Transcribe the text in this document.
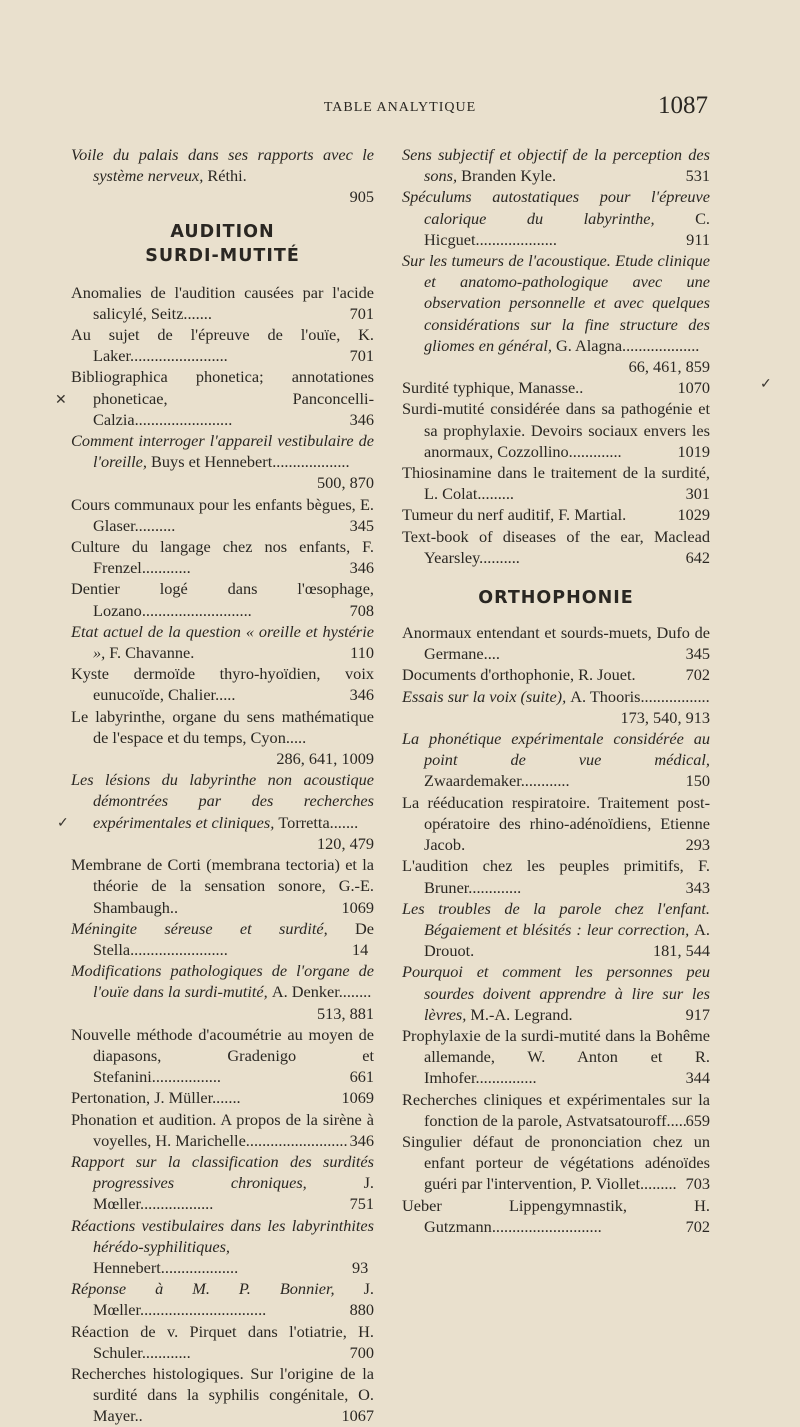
TABLE ANALYTIQUE	1087
Voile du palais dans ses rapports avec le système nerveux, Réthi.
905
AUDITION
SURDI-MUTITÉ
Anomalies de l'audition causées par l'acide salicylé, Seitz.......	701
Au sujet de l'épreuve de l'ouïe, K. Laker........................	701
Bibliographica phonetica; annotationes phoneticae, Panconcelli-Calzia........................	346
Comment interroger l'appareil vestibulaire de l'oreille, Buys et Hennebert...................
500, 870
Cours communaux pour les enfants bègues, E. Glaser..........	345
Culture du langage chez nos enfants, F. Frenzel............	346
Dentier logé dans l'œsophage, Lozano...........................	708
Etat actuel de la question « oreille et hystérie », F. Chavanne.	110
Kyste dermoïde thyro-hyoïdien, voix eunucoïde, Chalier.....	346
Le labyrinthe, organe du sens mathématique de l'espace et du temps, Cyon.....
286, 641, 1009
Les lésions du labyrinthe non acoustique démontrées par des recherches expérimentales et cliniques, Torretta.......
120, 479
Membrane de Corti (membrana tectoria) et la théorie de la sensation sonore, G.-E. Shambaugh..	1069
Méningite séreuse et surdité, De Stella........................	14
Modifications pathologiques de l'organe de l'ouïe dans la surdi-mutité, A. Denker........
513, 881
Nouvelle méthode d'acoumétrie au moyen de diapasons, Gradenigo et Stefanini.................	661
Pertonation, J. Müller.......	1069
Phonation et audition. A propos de la sirène à voyelles, H. Marichelle......................... 346
Rapport sur la classification des surdités progressives chroniques, J. Mœller..................	751
Réactions vestibulaires dans les labyrinthites hérédo-syphilitiques, Hennebert...................	93
Réponse à M. P. Bonnier, J. Mœller...............................	880
Réaction de v. Pirquet dans l'otiatrie, H. Schuler............	700
Recherches histologiques. Sur l'origine de la surdité dans la syphilis congénitale, O. Mayer..	1067
Sens subjectif et objectif de la perception des sons, Branden Kyle.	531
Spéculums autostatiques pour l'épreuve calorique du labyrinthe, C. Hicguet....................	911
Sur les tumeurs de l'acoustique. Etude clinique et anatomo-pathologique avec une observation personnelle et avec quelques considérations sur la fine structure des gliomes en général, G. Alagna...................
66, 461, 859
Surdité typhique, Manasse..	1070
Surdi-mutité considérée dans sa pathogénie et sa prophylaxie. Devoirs sociaux envers les anormaux, Cozzollino.............	1019
Thiosinamine dans le traitement de la surdité, L. Colat.........	301
Tumeur du nerf auditif, F. Martial.	1029
Text-book of diseases of the ear, Maclead Yearsley..........	642
ORTHOPHONIE
Anormaux entendant et sourds-muets, Dufo de Germane....	345
Documents d'orthophonie, R. Jouet.	702
Essais sur la voix (suite), A. Thooris.................
173, 540, 913
La phonétique expérimentale considérée au point de vue médical, Zwaardemaker............	150
La rééducation respiratoire. Traitement post-opératoire des rhino-adénoïdiens, Etienne Jacob.	293
L'audition chez les peuples primitifs, F. Bruner.............	343
Les troubles de la parole chez l'enfant. Bégaiement et blésités : leur correction, A. Drouot.	181, 544
Pourquoi et comment les personnes peu sourdes doivent apprendre à lire sur les lèvres, M.-A. Legrand.	917
Prophylaxie de la surdi-mutité dans la Bohême allemande, W. Anton et R. Imhofer...............	344
Recherches cliniques et expérimentales sur la fonction de la parole, Astvatsatouroff.....
659
Singulier défaut de prononciation chez un enfant porteur de végétations adénoïdes guéri par l'intervention, P. Viollet......... 703
Ueber Lippengymnastik, H. Gutzmann...........................	702
✕
✓
✓
